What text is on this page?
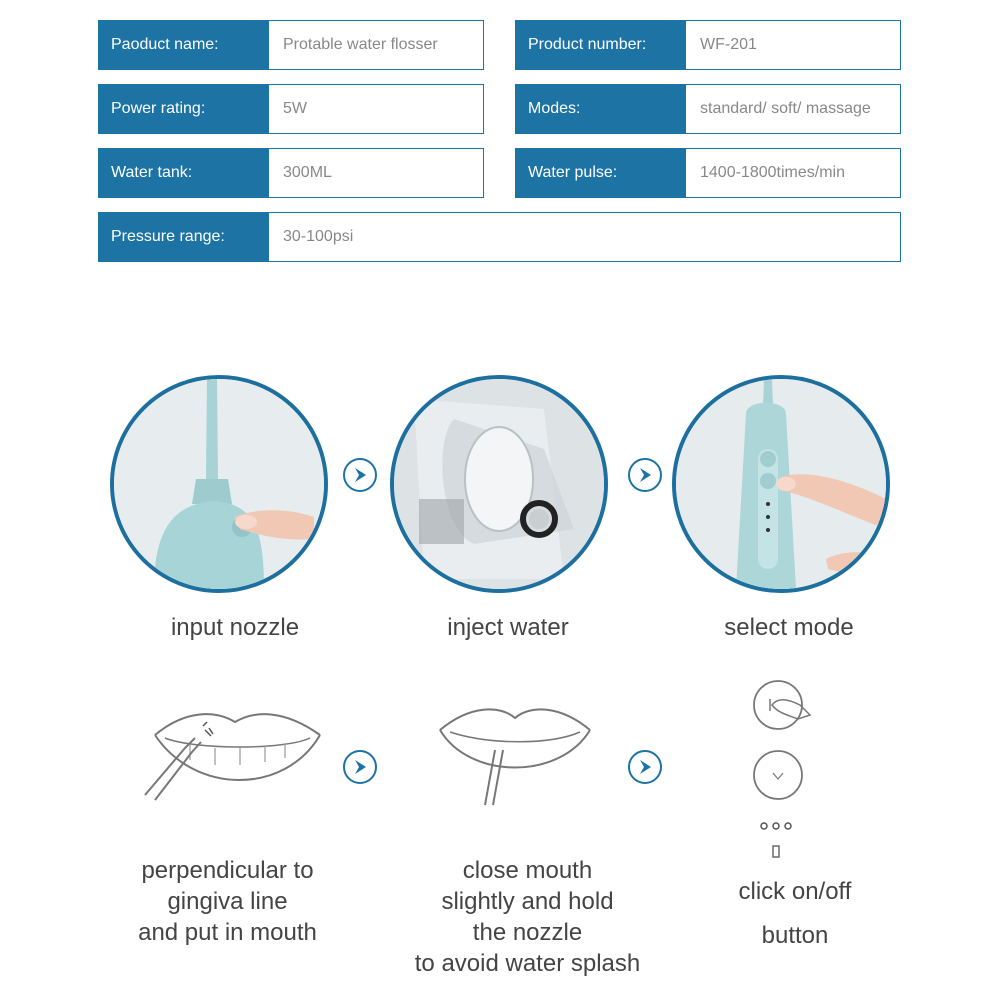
Paoduct name:	Protable water flosser	Product number:	WF-201
Power rating:	5W	Modes:	standard/ soft/ massage
Water tank:	300ML	Water pulse:	1400-1800times/min
Pressure range:	30-100psi
input nozzle	inject water	select mode
perpendicular to
gingiva line
and put in mouth
close mouth
slightly and hold
the nozzle
to avoid water splash
click on/off
button
